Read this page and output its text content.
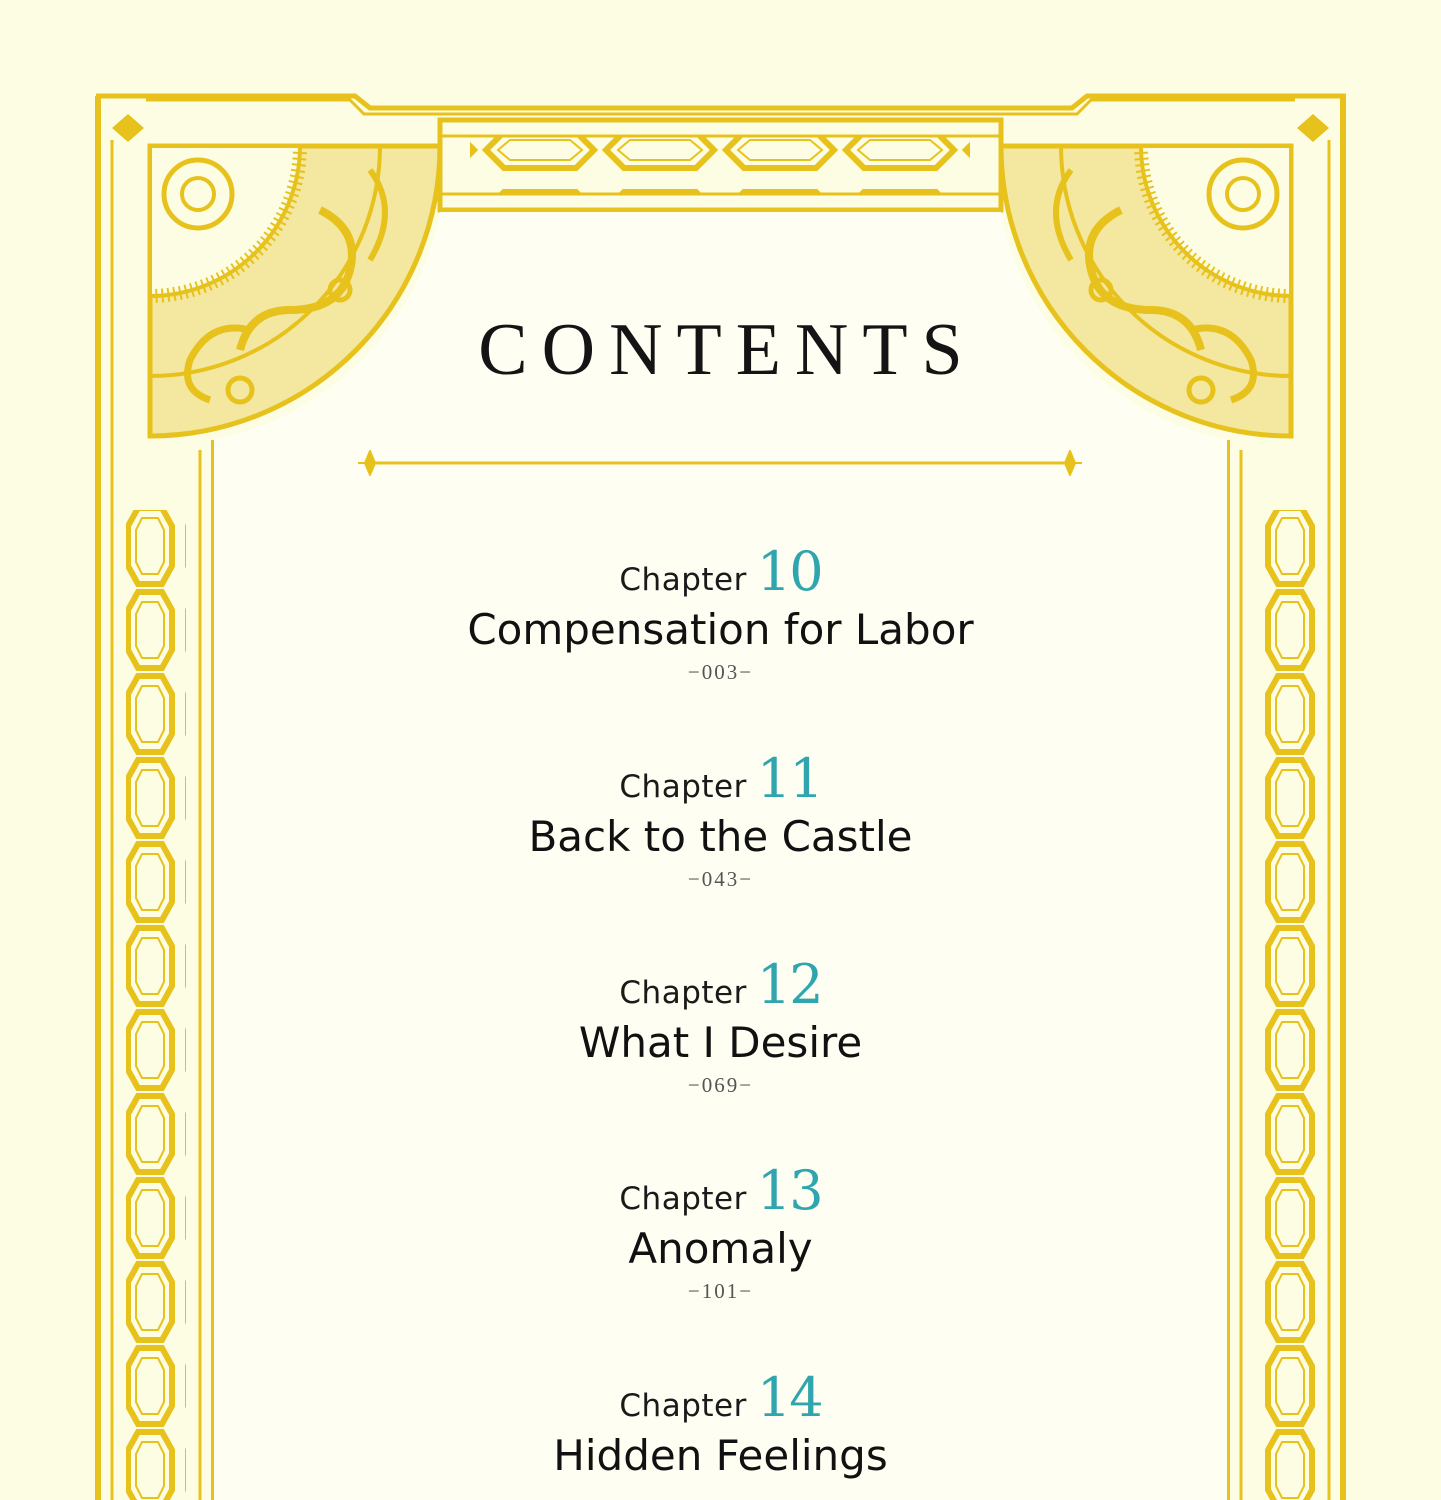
CONTENTS
Chapter 10
Compensation for Labor
−003−
Chapter 11
Back to the Castle
−043−
Chapter 12
What I Desire
−069−
Chapter 13
Anomaly
−101−
Chapter 14
Hidden Feelings
